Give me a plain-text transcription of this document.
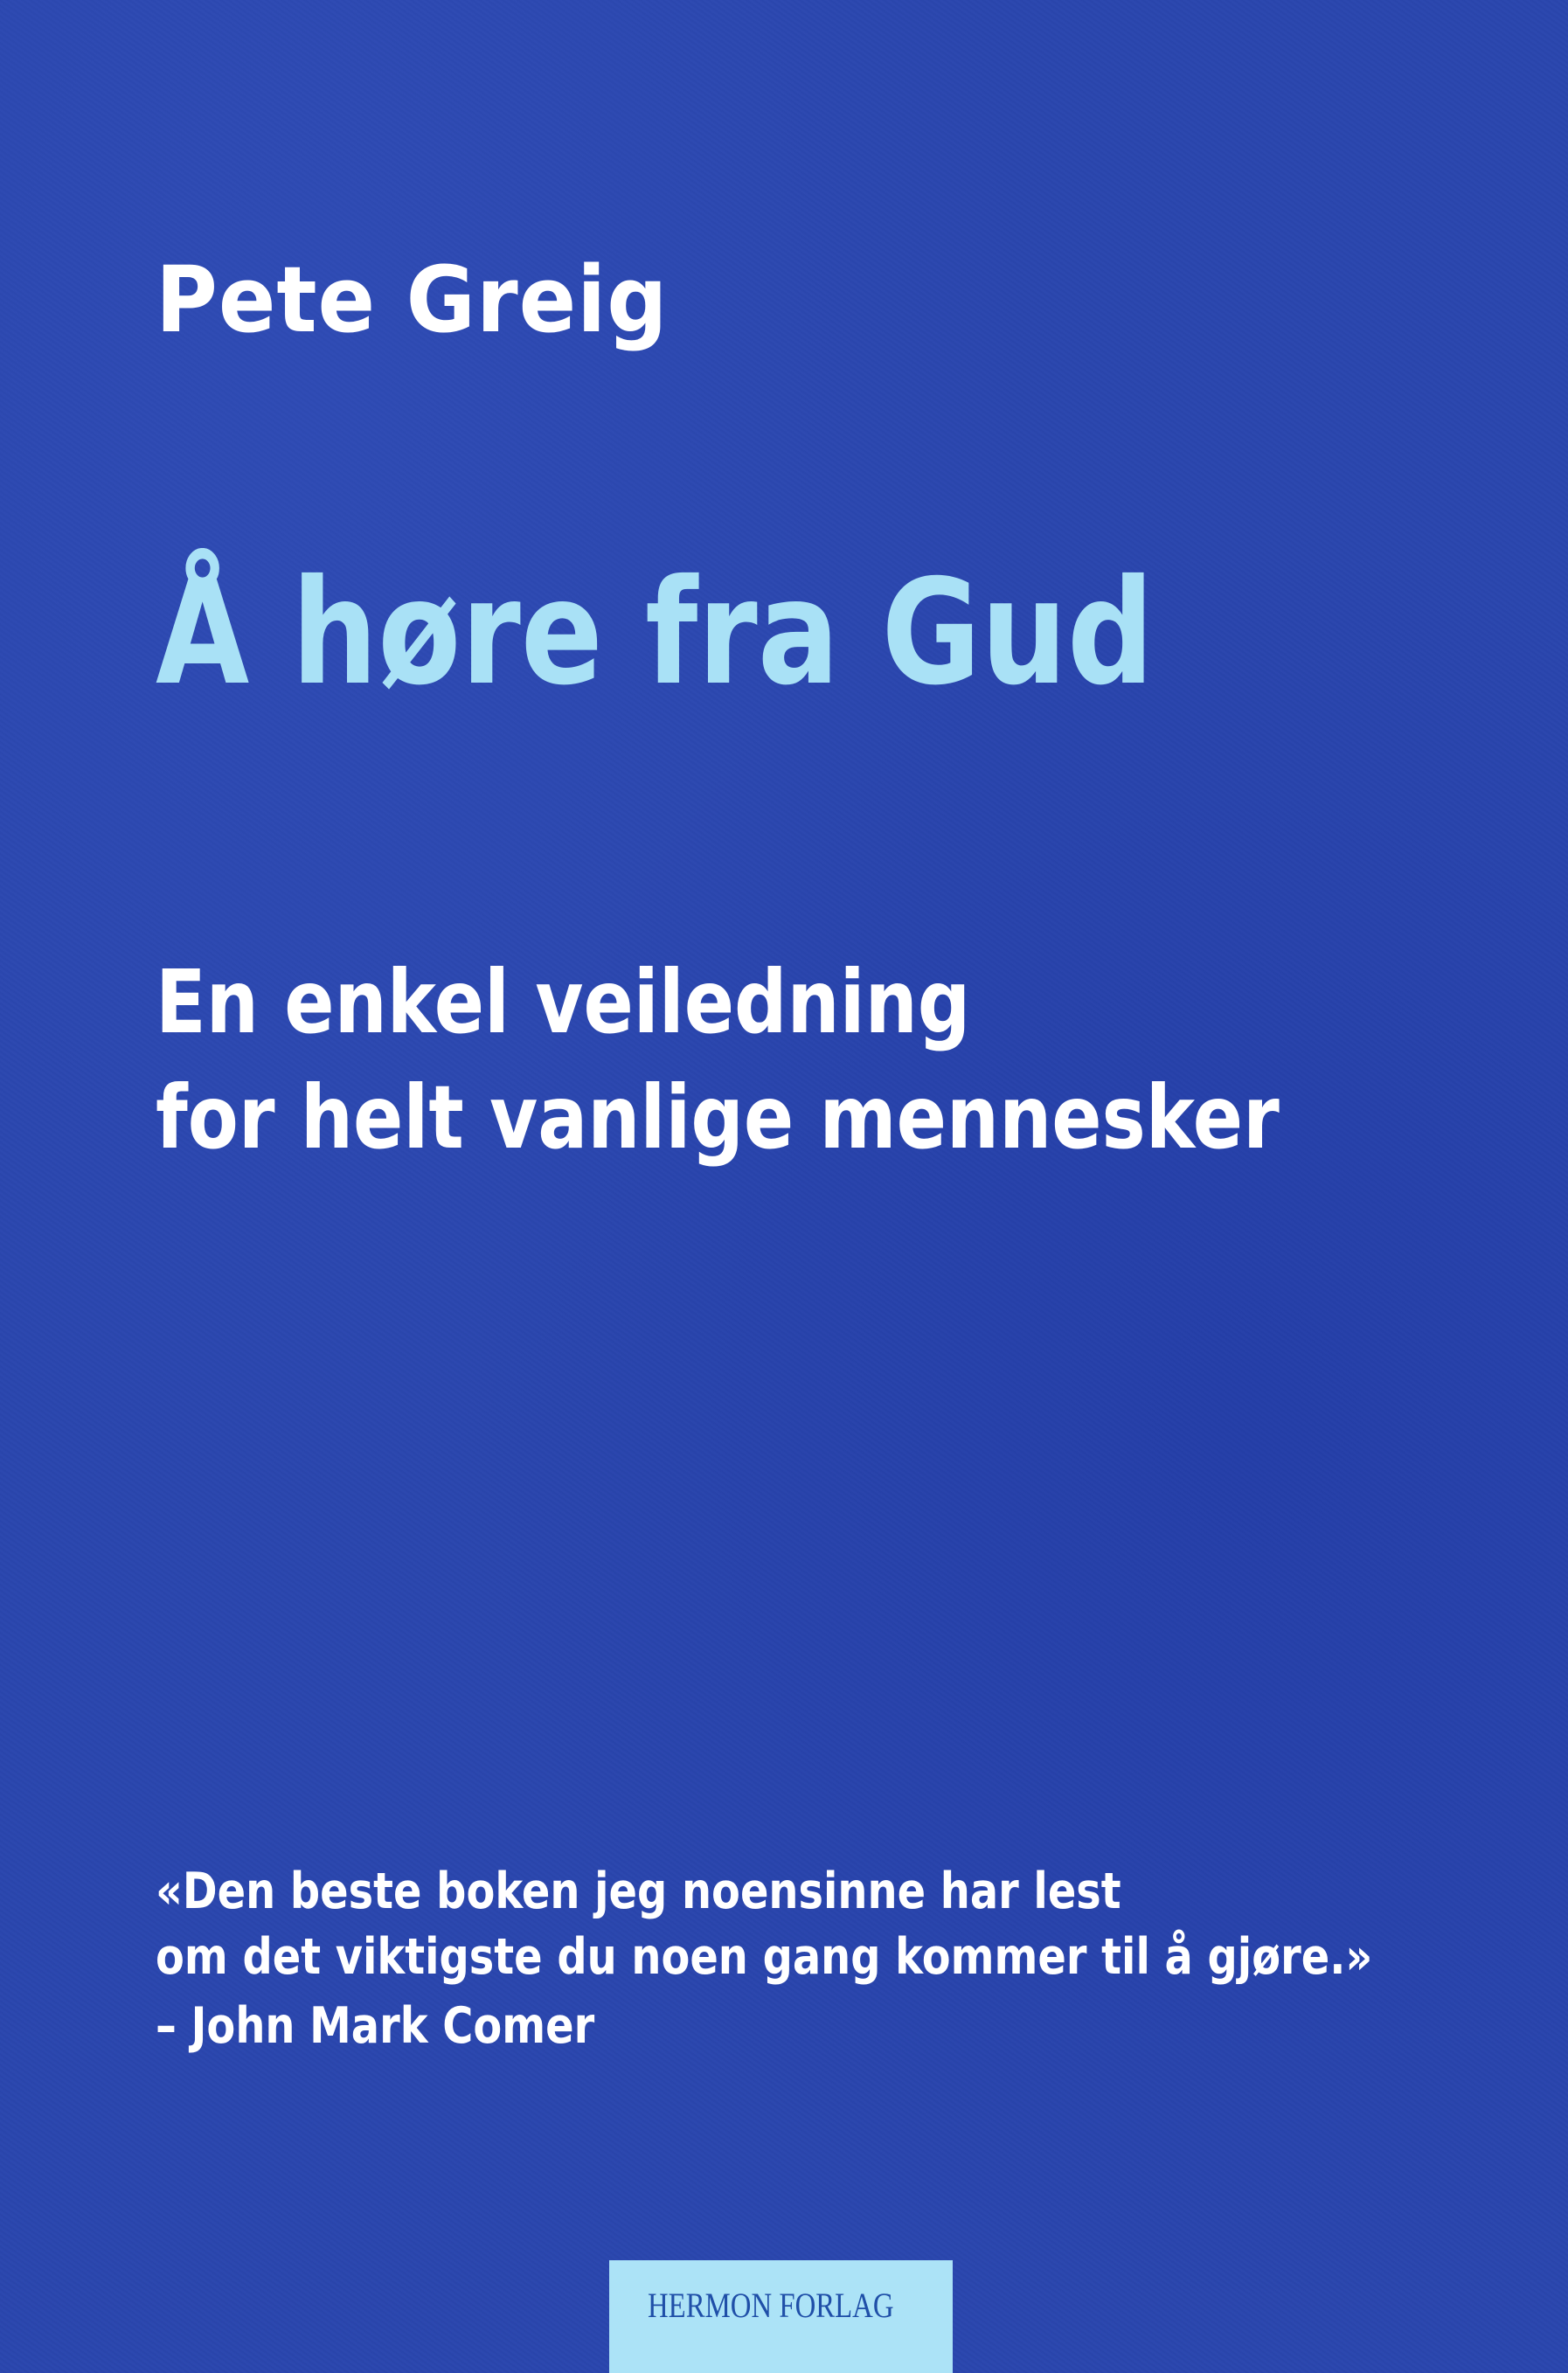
Pete Greig
Å høre fra Gud

En enkel veiledning

for helt vanlige mennesker

«Den beste boken jeg noensinne har lest

om det viktigste du noen gang kommer til å gjøre.»

– John Mark Comer

HERMON FORLAG
